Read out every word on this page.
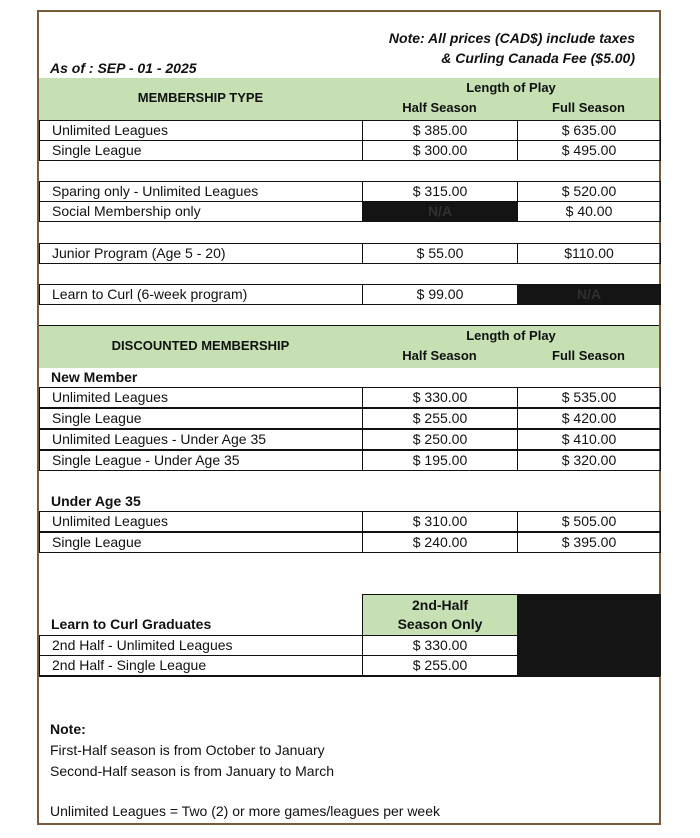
Note: All prices (CAD$) include taxes
& Curling Canada Fee ($5.00)
As of : SEP - 01 - 2025
MEMBERSHIP TYPE
Length of Play
Half Season	Full Season
Unlimited Leagues	$ 385.00	$ 635.00
Single League	$ 300.00	$ 495.00
Sparing only - Unlimited Leagues	$ 315.00	$ 520.00
Social Membership only	N/A	$ 40.00
Junior Program (Age 5 - 20)	$ 55.00	$110.00
Learn to Curl (6-week program)	$ 99.00	N/A
DISCOUNTED MEMBERSHIP
Length of Play
Half Season	Full Season
New Member
Unlimited Leagues	$ 330.00	$ 535.00
Single League	$ 255.00	$ 420.00
Unlimited Leagues - Under Age 35	$ 250.00	$ 410.00
Single League - Under Age 35	$ 195.00	$ 320.00
Under Age 35
Unlimited Leagues	$ 310.00	$ 505.00
Single League	$ 240.00	$ 395.00
2nd-Half
Season Only
Learn to Curl Graduates
2nd Half - Unlimited Leagues	$ 330.00
2nd Half - Single League	$ 255.00
Note:
First-Half season is from October to January
Second-Half season is from January to March
Unlimited Leagues = Two (2) or more games/leagues per week
